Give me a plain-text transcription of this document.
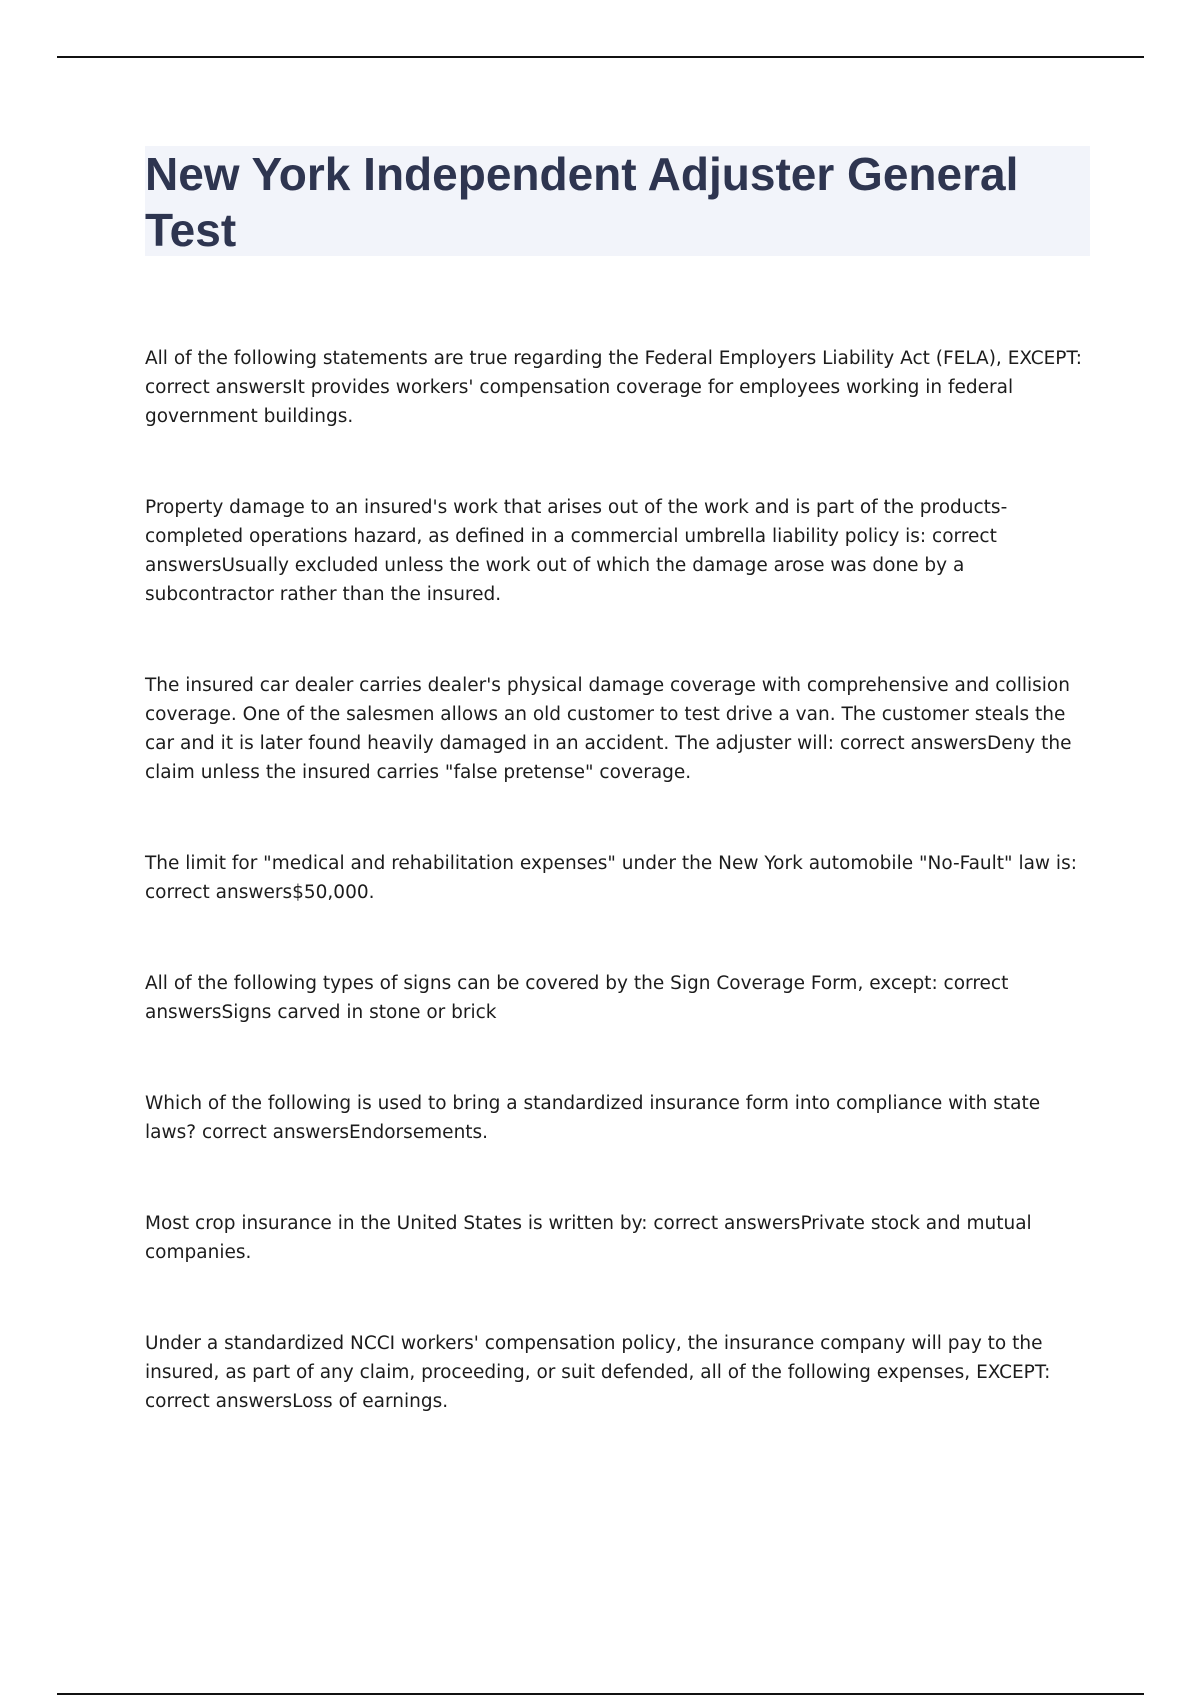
New York Independent Adjuster General Test

All of the following statements are true regarding the Federal Employers Liability Act (FELA), EXCEPT: correct answersIt provides workers' compensation coverage for employees working in federal government buildings.

Property damage to an insured's work that arises out of the work and is part of the products-completed operations hazard, as defined in a commercial umbrella liability policy is: correct answersUsually excluded unless the work out of which the damage arose was done by a subcontractor rather than the insured.

The insured car dealer carries dealer's physical damage coverage with comprehensive and collision coverage. One of the salesmen allows an old customer to test drive a van. The customer steals the car and it is later found heavily damaged in an accident. The adjuster will: correct answersDeny the claim unless the insured carries "false pretense" coverage.

The limit for "medical and rehabilitation expenses" under the New York automobile "No-Fault" law is: correct answers$50,000.

All of the following types of signs can be covered by the Sign Coverage Form, except: correct answersSigns carved in stone or brick

Which of the following is used to bring a standardized insurance form into compliance with state laws? correct answersEndorsements.

Most crop insurance in the United States is written by: correct answersPrivate stock and mutual companies.

Under a standardized NCCI workers' compensation policy, the insurance company will pay to the insured, as part of any claim, proceeding, or suit defended, all of the following expenses, EXCEPT: correct answersLoss of earnings.
